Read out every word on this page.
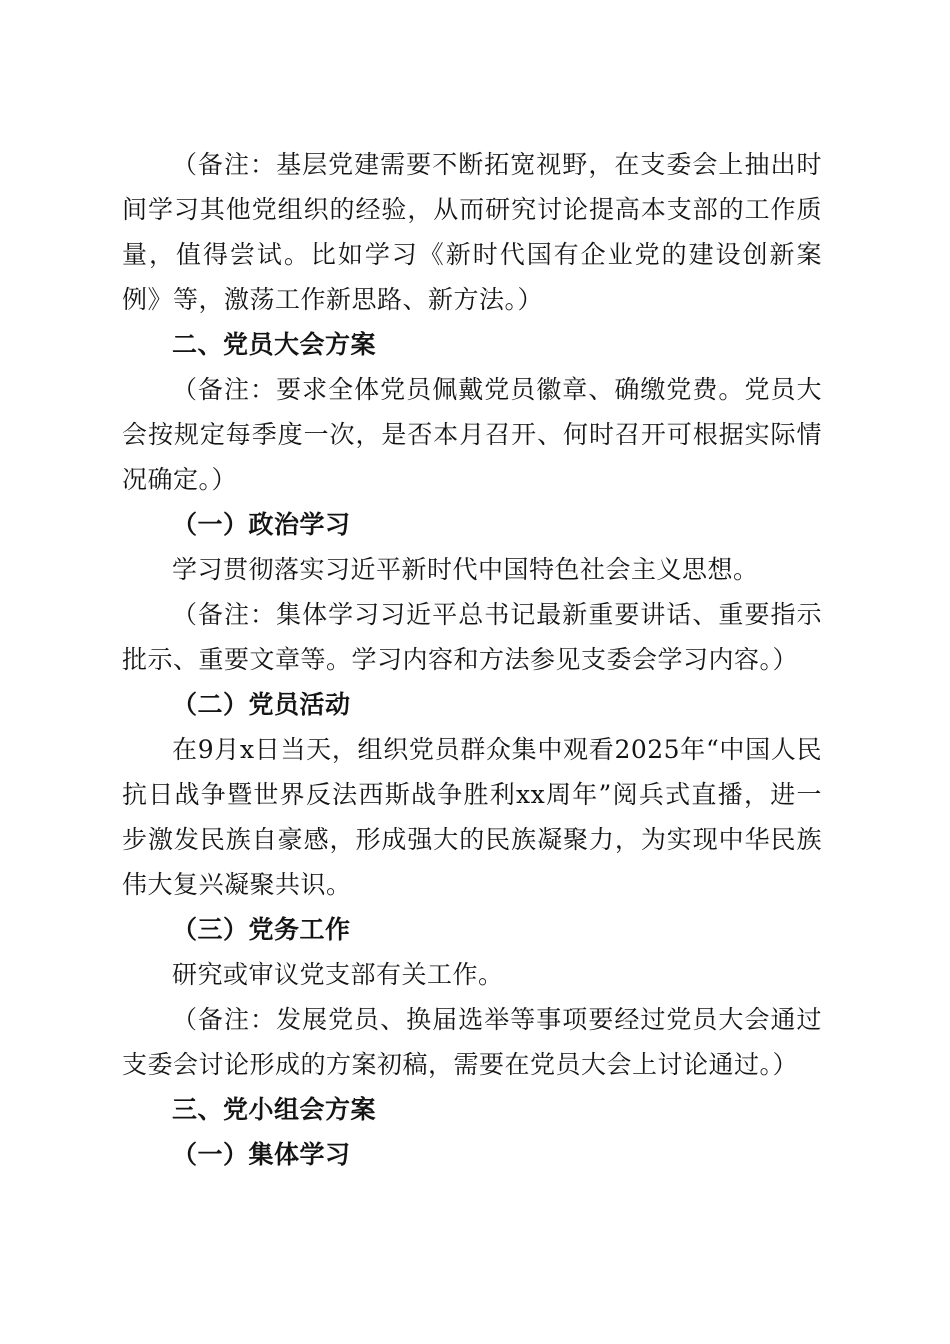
（备注：基层党建需要不断拓宽视野，在支委会上抽出时间学习其他党组织的经验，从而研究讨论提高本支部的工作质量，值得尝试。比如学习《新时代国有企业党的建设创新案例》等，激荡工作新思路、新方法。）

二、党员大会方案

（备注：要求全体党员佩戴党员徽章、确缴党费。党员大会按规定每季度一次，是否本月召开、何时召开可根据实际情况确定。）

（一）政治学习

学习贯彻落实习近平新时代中国特色社会主义思想。

（备注：集体学习习近平总书记最新重要讲话、重要指示批示、重要文章等。学习内容和方法参见支委会学习内容。）

（二）党员活动

在9月x日当天，组织党员群众集中观看2025年“中国人民抗日战争暨世界反法西斯战争胜利xx周年”阅兵式直播，进一步激发民族自豪感，形成强大的民族凝聚力，为实现中华民族伟大复兴凝聚共识。

（三）党务工作

研究或审议党支部有关工作。

（备注：发展党员、换届选举等事项要经过党员大会通过支委会讨论形成的方案初稿，需要在党员大会上讨论通过。）

三、党小组会方案

（一）集体学习
